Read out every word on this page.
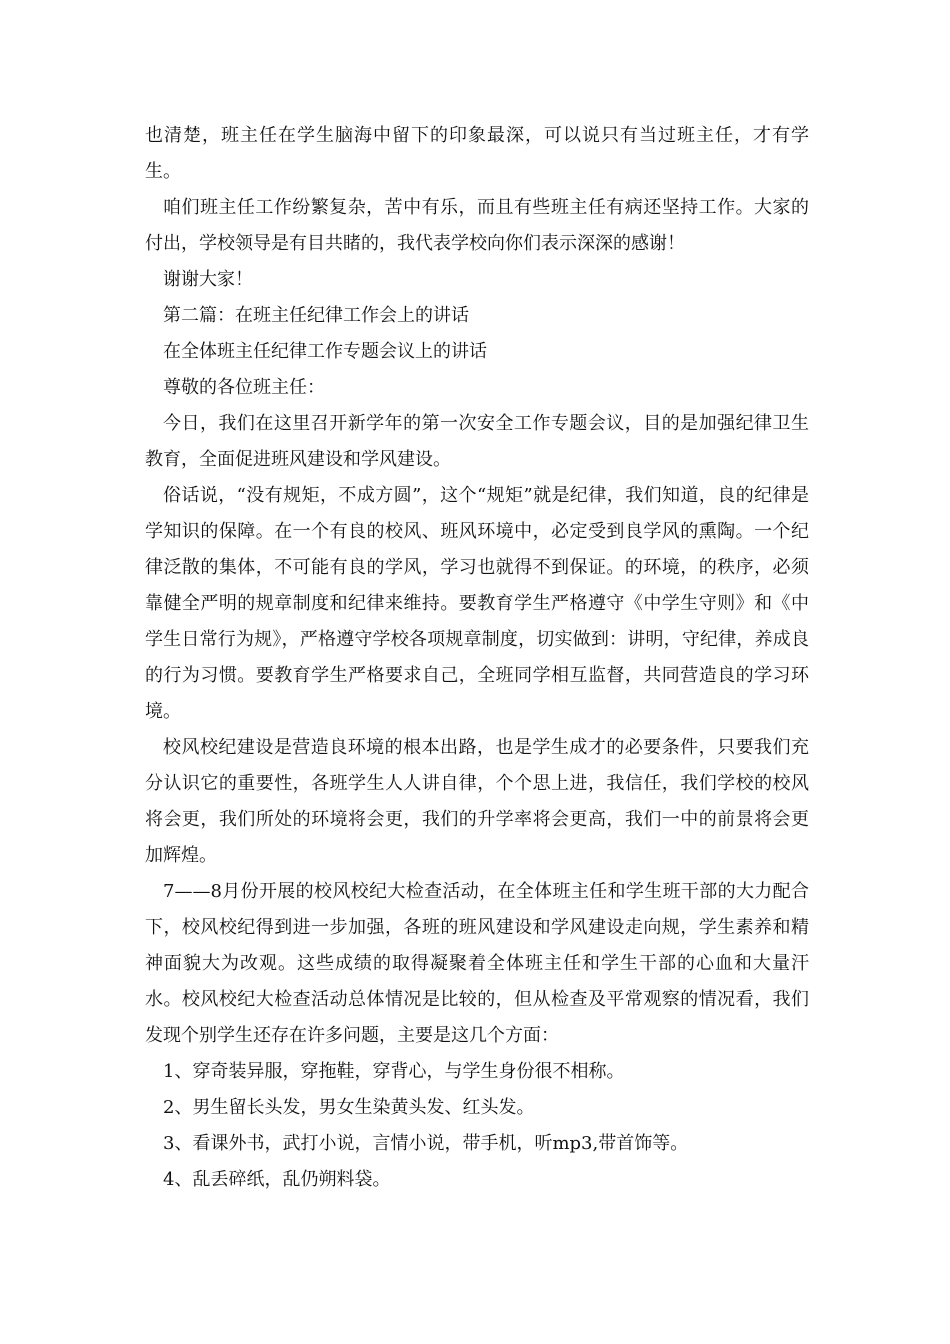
也清楚，班主任在学生脑海中留下的印象最深，可以说只有当过班主任，才有学生。

咱们班主任工作纷繁复杂，苦中有乐，而且有些班主任有病还坚持工作。大家的付出，学校领导是有目共睹的，我代表学校向你们表示深深的感谢！

谢谢大家！

第二篇：在班主任纪律工作会上的讲话

在全体班主任纪律工作专题会议上的讲话

尊敬的各位班主任：

今日，我们在这里召开新学年的第一次安全工作专题会议，目的是加强纪律卫生教育，全面促进班风建设和学风建设。

俗话说，“没有规矩，不成方圆”，这个“规矩”就是纪律，我们知道，良的纪律是学知识的保障。在一个有良的校风、班风环境中，必定受到良学风的熏陶。一个纪律泛散的集体，不可能有良的学风，学习也就得不到保证。的环境，的秩序，必须靠健全严明的规章制度和纪律来维持。要教育学生严格遵守《中学生守则》和《中学生日常行为规》，严格遵守学校各项规章制度，切实做到：讲明，守纪律，养成良的行为习惯。要教育学生严格要求自己，全班同学相互监督，共同营造良的学习环境。

校风校纪建设是营造良环境的根本出路，也是学生成才的必要条件，只要我们充分认识它的重要性，各班学生人人讲自律，个个思上进，我信任，我们学校的校风将会更，我们所处的环境将会更，我们的升学率将会更高，我们一中的前景将会更加辉煌。

7——8月份开展的校风校纪大检查活动，在全体班主任和学生班干部的大力配合下，校风校纪得到进一步加强，各班的班风建设和学风建设走向规，学生素养和精神面貌大为改观。这些成绩的取得凝聚着全体班主任和学生干部的心血和大量汗水。校风校纪大检查活动总体情况是比较的，但从检查及平常观察的情况看，我们发现个别学生还存在许多问题，主要是这几个方面：

1、穿奇装异服，穿拖鞋，穿背心，与学生身份很不相称。

2、男生留长头发，男女生染黄头发、红头发。

3、看课外书，武打小说，言情小说，带手机，听mp3,带首饰等。

4、乱丢碎纸，乱仍朔料袋。
